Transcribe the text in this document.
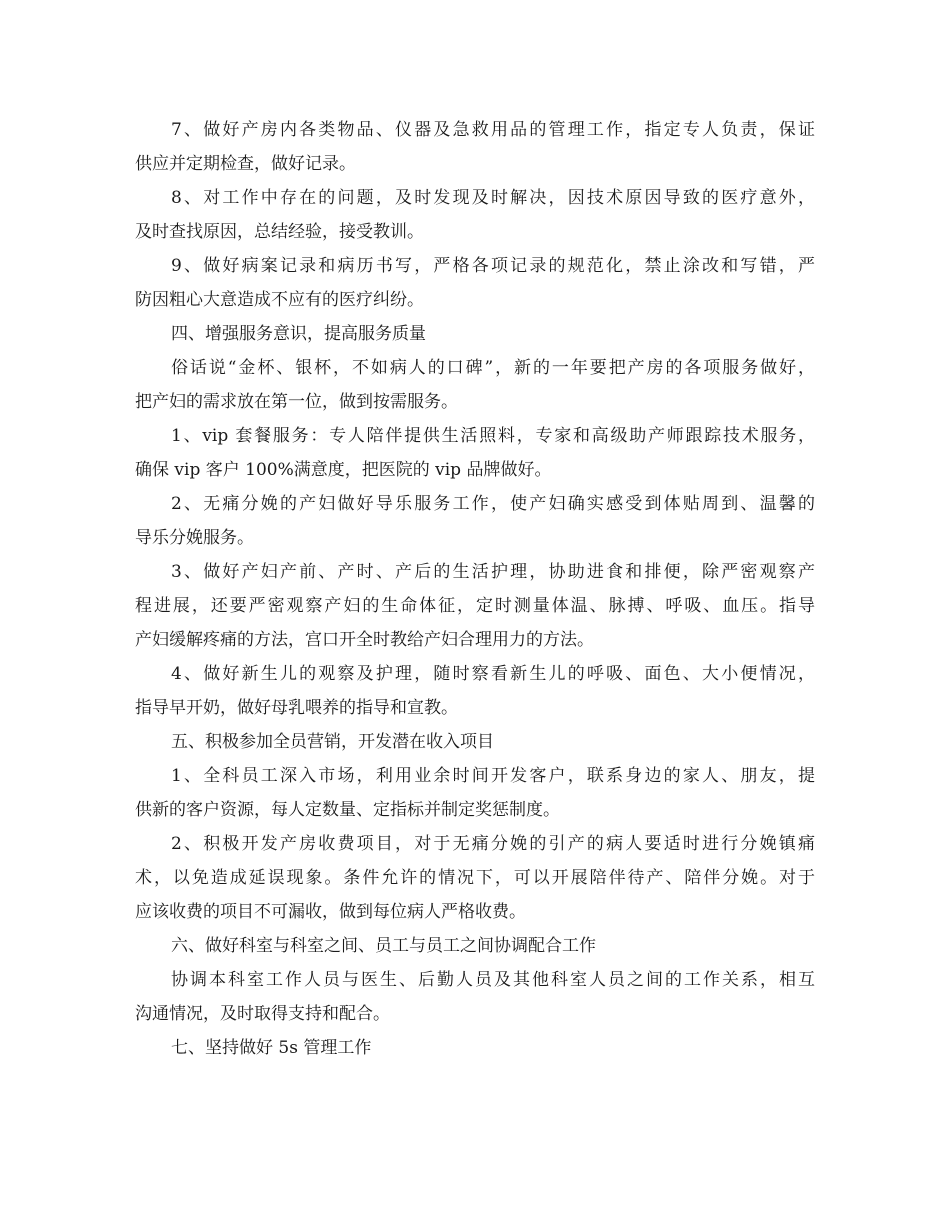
7、做好产房内各类物品、仪器及急救用品的管理工作，指定专人负责，保证
供应并定期检查，做好记录。
8、对工作中存在的问题，及时发现及时解决，因技术原因导致的医疗意外，
及时查找原因，总结经验，接受教训。
9、做好病案记录和病历书写，严格各项记录的规范化，禁止涂改和写错，严
防因粗心大意造成不应有的医疗纠纷。
四、增强服务意识，提高服务质量
俗话说“金杯、银杯，不如病人的口碑”，新的一年要把产房的各项服务做好，
把产妇的需求放在第一位，做到按需服务。
1、vip 套餐服务：专人陪伴提供生活照料，专家和高级助产师跟踪技术服务，
确保 vip 客户 100%满意度，把医院的 vip 品牌做好。
2、无痛分娩的产妇做好导乐服务工作，使产妇确实感受到体贴周到、温馨的
导乐分娩服务。
3、做好产妇产前、产时、产后的生活护理，协助进食和排便，除严密观察产
程进展，还要严密观察产妇的生命体征，定时测量体温、脉搏、呼吸、血压。指导
产妇缓解疼痛的方法，宫口开全时教给产妇合理用力的方法。
4、做好新生儿的观察及护理，随时察看新生儿的呼吸、面色、大小便情况，
指导早开奶，做好母乳喂养的指导和宣教。
五、积极参加全员营销，开发潜在收入项目
1、全科员工深入市场，利用业余时间开发客户，联系身边的家人、朋友，提
供新的客户资源，每人定数量、定指标并制定奖惩制度。
2、积极开发产房收费项目，对于无痛分娩的引产的病人要适时进行分娩镇痛
术，以免造成延误现象。条件允许的情况下，可以开展陪伴待产、陪伴分娩。对于
应该收费的项目不可漏收，做到每位病人严格收费。
六、做好科室与科室之间、员工与员工之间协调配合工作
协调本科室工作人员与医生、后勤人员及其他科室人员之间的工作关系，相互
沟通情况，及时取得支持和配合。
七、坚持做好 5s 管理工作
